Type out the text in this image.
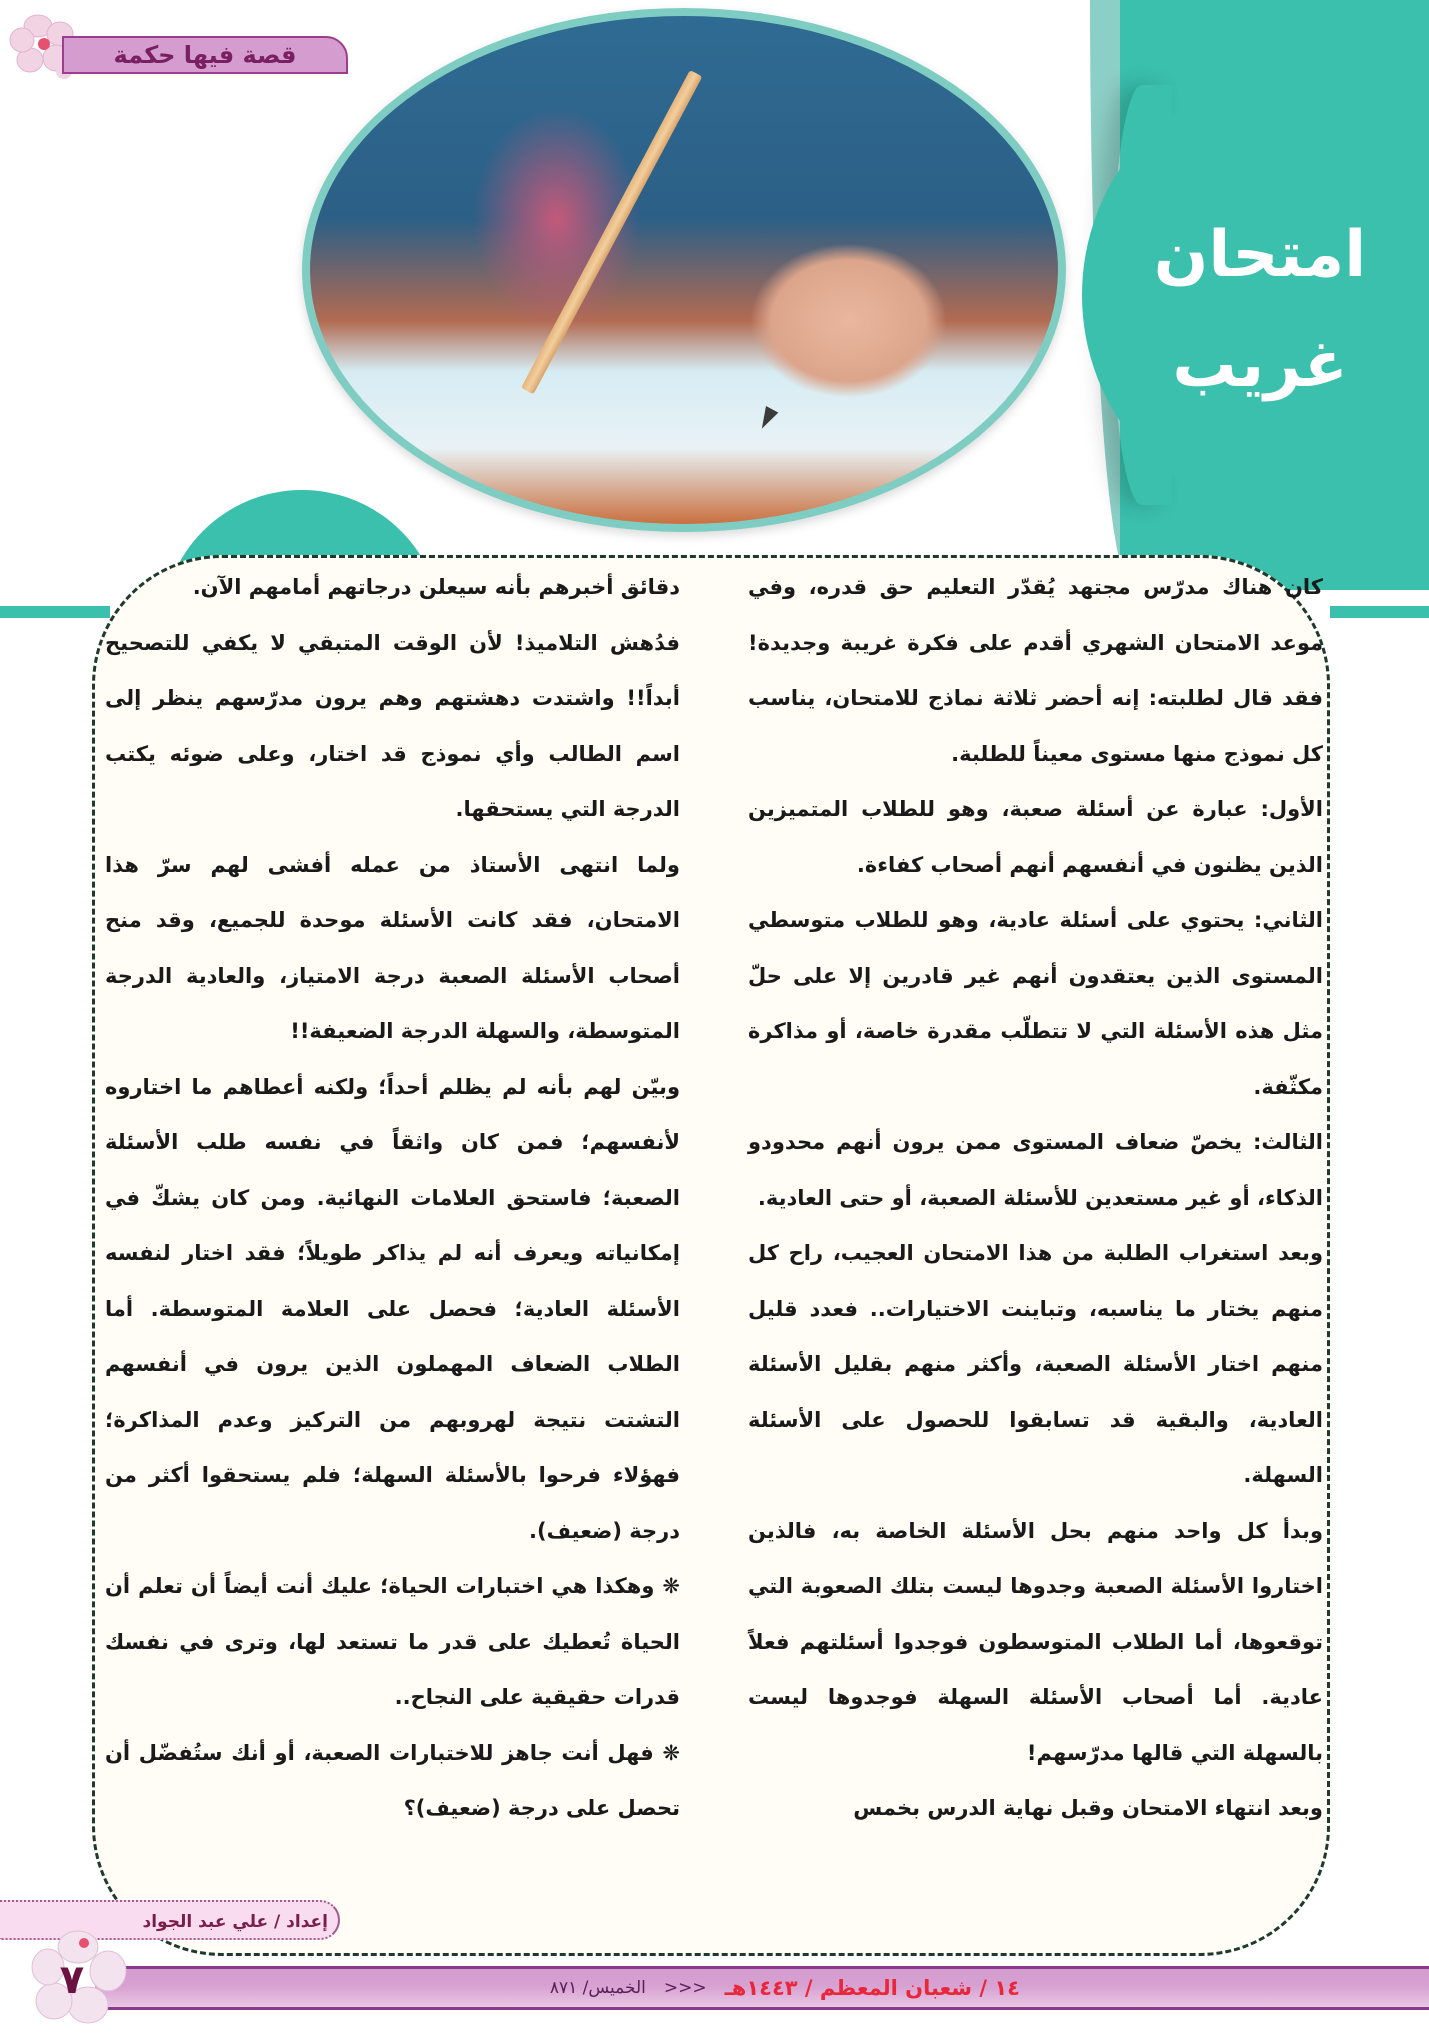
امتحان
غريب
قصة فيها حكمة

كان هناك مدرّس مجتهد يُقدّر التعليم حق قدره، وفي موعد الامتحان الشهري أقدم على فكرة غريبة وجديدة! فقد قال لطلبته: إنه أحضر ثلاثة نماذج للامتحان، يناسب كل نموذج منها مستوى معيناً للطلبة.

الأول: عبارة عن أسئلة صعبة، وهو للطلاب المتميزين الذين يظنون في أنفسهم أنهم أصحاب كفاءة.

الثاني: يحتوي على أسئلة عادية، وهو للطلاب متوسطي المستوى الذين يعتقدون أنهم غير قادرين إلا على حلّ مثل هذه الأسئلة التي لا تتطلّب مقدرة خاصة، أو مذاكرة مكثّفة.

الثالث: يخصّ ضعاف المستوى ممن يرون أنهم محدودو الذكاء، أو غير مستعدين للأسئلة الصعبة، أو حتى العادية.

وبعد استغراب الطلبة من هذا الامتحان العجيب، راح كل منهم يختار ما يناسبه، وتباينت الاختيارات.. فعدد قليل منهم اختار الأسئلة الصعبة، وأكثر منهم بقليل الأسئلة العادية، والبقية قد تسابقوا للحصول على الأسئلة السهلة.

وبدأ كل واحد منهم بحل الأسئلة الخاصة به، فالذين اختاروا الأسئلة الصعبة وجدوها ليست بتلك الصعوبة التي توقعوها، أما الطلاب المتوسطون فوجدوا أسئلتهم فعلاً عادية. أما أصحاب الأسئلة السهلة فوجدوها ليست بالسهلة التي قالها مدرّسهم!

وبعد انتهاء الامتحان وقبل نهاية الدرس بخمس

دقائق أخبرهم بأنه سيعلن درجاتهم أمامهم الآن.

فدُهش التلاميذ! لأن الوقت المتبقي لا يكفي للتصحيح أبداً!! واشتدت دهشتهم وهم يرون مدرّسهم ينظر إلى اسم الطالب وأي نموذج قد اختار، وعلى ضوئه يكتب الدرجة التي يستحقها.

ولما انتهى الأستاذ من عمله أفشى لهم سرّ هذا الامتحان، فقد كانت الأسئلة موحدة للجميع، وقد منح أصحاب الأسئلة الصعبة درجة الامتياز، والعادية الدرجة المتوسطة، والسهلة الدرجة الضعيفة!!

وبيّن لهم بأنه لم يظلم أحداً؛ ولكنه أعطاهم ما اختاروه لأنفسهم؛ فمن كان واثقاً في نفسه طلب الأسئلة الصعبة؛ فاستحق العلامات النهائية. ومن كان يشكّ في إمكانياته ويعرف أنه لم يذاكر طويلاً؛ فقد اختار لنفسه الأسئلة العادية؛ فحصل على العلامة المتوسطة. أما الطلاب الضعاف المهملون الذين يرون في أنفسهم التشتت نتيجة لهروبهم من التركيز وعدم المذاكرة؛ فهؤلاء فرحوا بالأسئلة السهلة؛ فلم يستحقوا أكثر من درجة (ضعيف).

❋ وهكذا هي اختبارات الحياة؛ عليك أنت أيضاً أن تعلم أن الحياة تُعطيك على قدر ما تستعد لها، وترى في نفسك قدرات حقيقية على النجاح..

❋ فهل أنت جاهز للاختبارات الصعبة، أو أنك ستُفضّل أن تحصل على درجة (ضعيف)؟

إعداد / علي عبد الجواد
١٤ / شعبان المعظم / ١٤٤٣هـ
<<<
الخميس/ ٨٧١
٧
